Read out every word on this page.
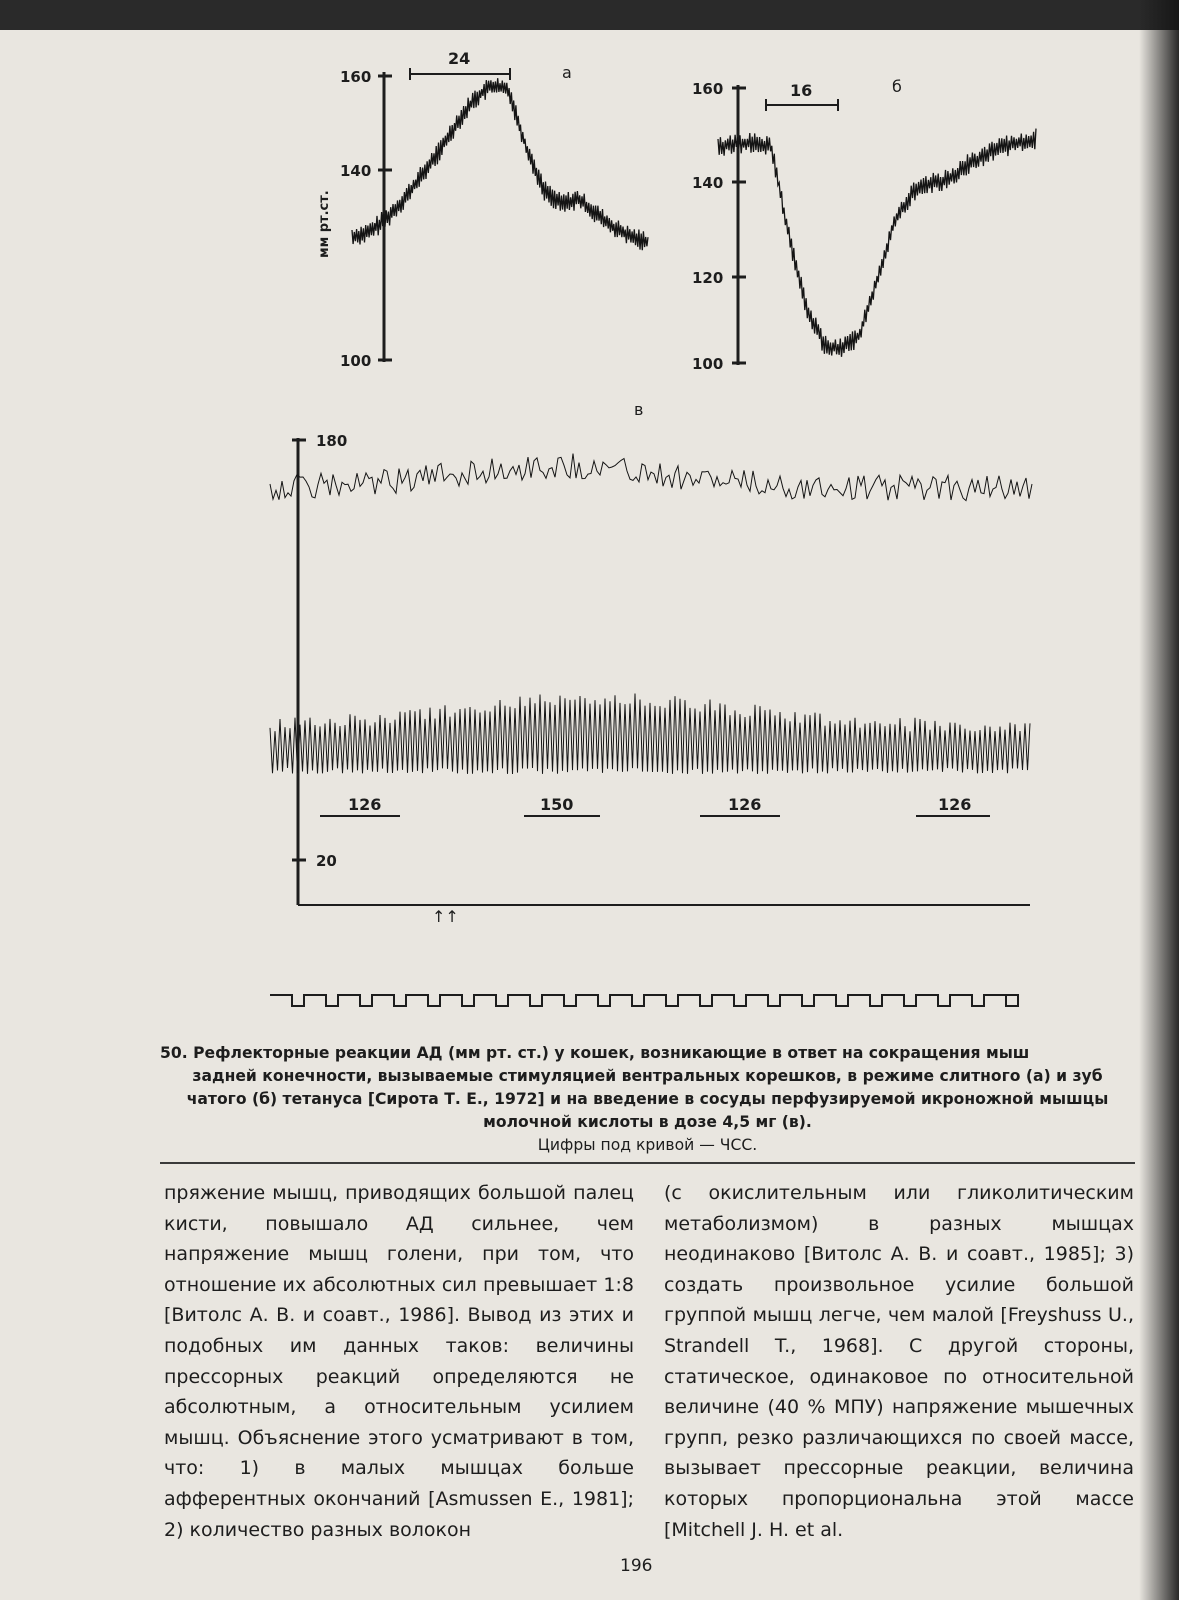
160
140
100
мм рт.ст.
а
24
160
140
120
100
б
16
в
180
20
126	150	126	126
↑↑
50. Рефлекторные реакции АД (мм рт. ст.) у кошек, возникающие в ответ на сокращения мыш
задней конечности, вызываемые стимуляцией вентральных корешков, в режиме слитного (а) и зуб
чатого (б) тетануса [Сирота Т. Е., 1972] и на введение в сосуды перфузируемой икроножной мышцы
молочной кислоты в дозе 4,5 мг (в).
Цифры под кривой — ЧСС.

пряжение мышц, приводящих большой палец кисти, повышало АД сильнее, чем напряжение мышц голени, при том, что отношение их абсолютных сил превышает 1:8 [Витолс А. В. и соавт., 1986]. Вывод из этих и подобных им данных таков: величины прессорных реакций определяются не абсолютным, а относительным усилием мышц. Объяснение этого усматривают в том, что: 1) в малых мышцах больше афферентных окончаний [Asmussen E., 1981]; 2) количество разных волокон

(с окислительным или гликолитическим метаболизмом) в разных мышцах неодинаково [Витолс А. В. и соавт., 1985]; 3) создать произвольное усилие большой группой мышц легче, чем малой [Freyshuss U., Strandell T., 1968]. С другой стороны, статическое, одинаковое по относительной величине (40 % МПУ) напряжение мышечных групп, резко различающихся по своей массе, вызывает прессорные реакции, величина которых пропорциональна этой массе [Mitchell J. H. et al.

196
